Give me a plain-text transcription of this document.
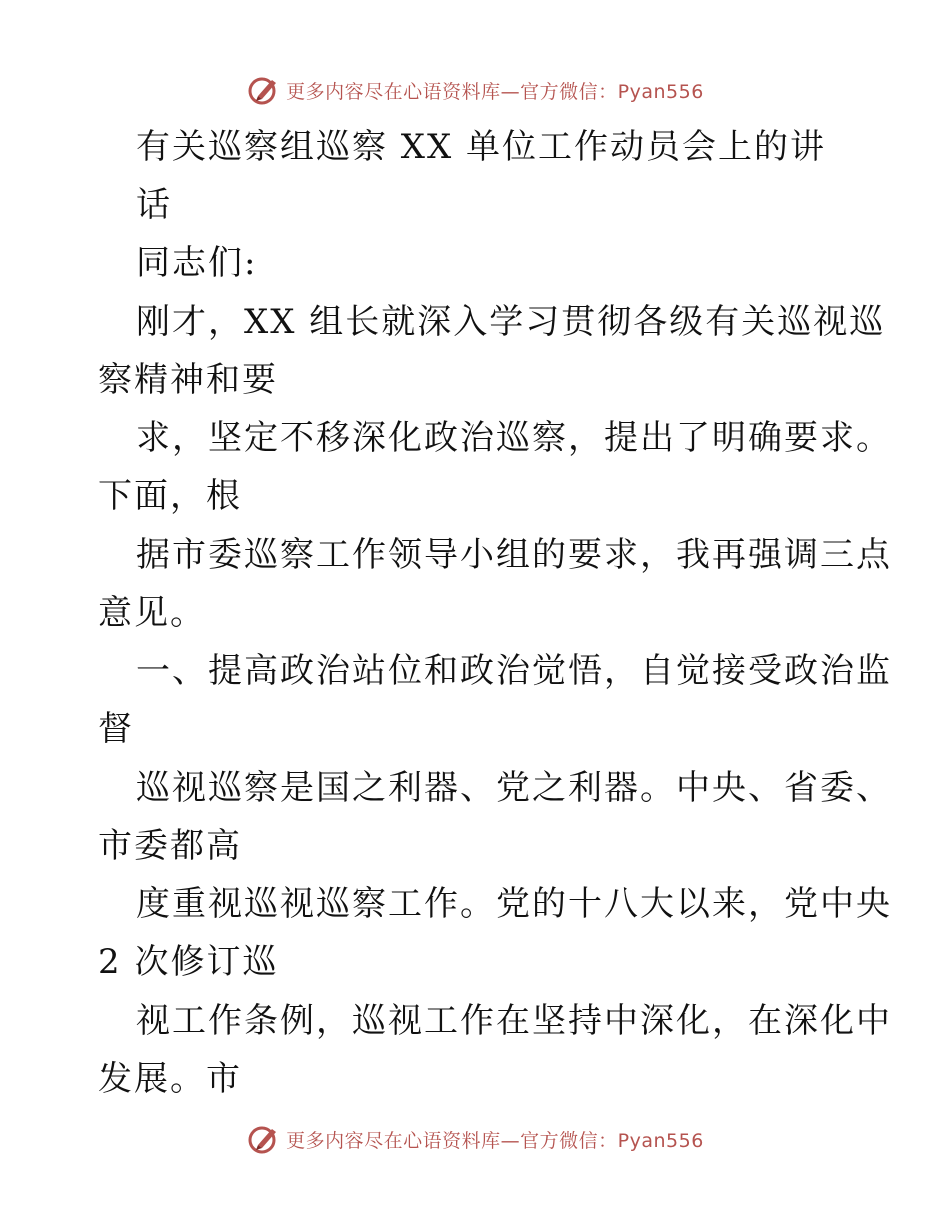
更多内容尽在心语资料库—官方微信：Pyan556
有关巡察组巡察 XX 单位工作动员会上的讲
话
同志们:
刚才，XX 组长就深入学习贯彻各级有关巡视巡
察精神和要
求，坚定不移深化政治巡察，提出了明确要求。
下面，根
据市委巡察工作领导小组的要求，我再强调三点
意见。
一、提高政治站位和政治觉悟，自觉接受政治监
督
巡视巡察是国之利器、党之利器。中央、省委、
市委都高
度重视巡视巡察工作。党的十八大以来，党中央
2 次修订巡
视工作条例，巡视工作在坚持中深化，在深化中
发展。市
更多内容尽在心语资料库—官方微信：Pyan556
